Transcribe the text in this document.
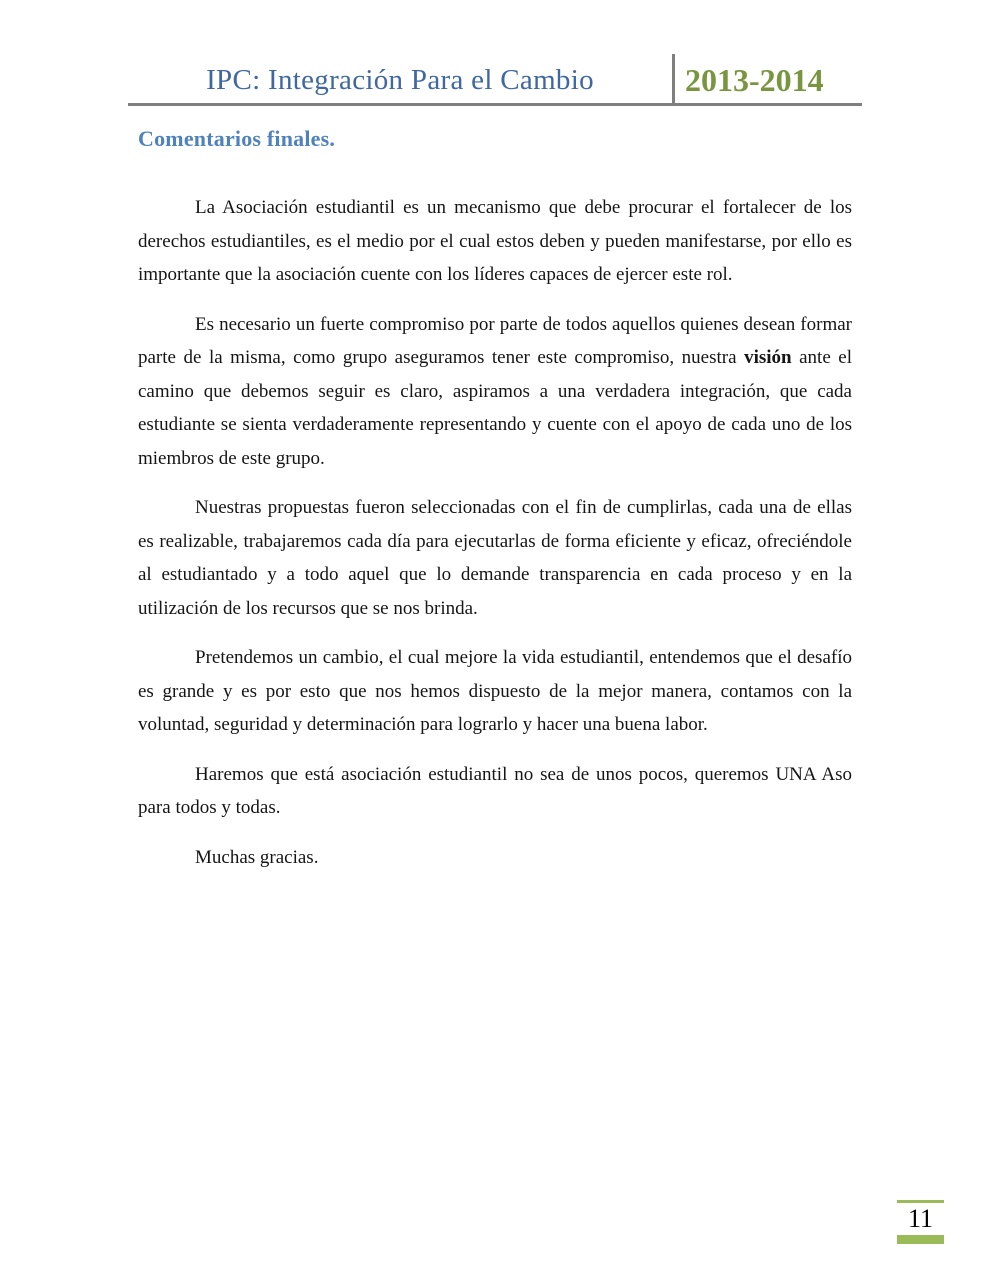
IPC: Integración Para el Cambio	2013-2014
Comentarios finales.

La Asociación estudiantil es un mecanismo que debe procurar el fortalecer de los derechos estudiantiles, es el medio por el cual estos deben y pueden manifestarse, por ello es importante que la asociación cuente con los líderes capaces de ejercer este rol.

Es necesario un fuerte compromiso por parte de todos aquellos quienes desean formar parte de la misma, como grupo aseguramos tener este compromiso, nuestra visión ante el camino que debemos seguir es claro, aspiramos a una verdadera integración, que cada estudiante se sienta verdaderamente representando y cuente con el apoyo de cada uno de los miembros de este grupo.

Nuestras propuestas fueron seleccionadas con el fin de cumplirlas, cada una de ellas es realizable, trabajaremos cada día para ejecutarlas de forma eficiente y eficaz, ofreciéndole al estudiantado y a todo aquel que lo demande transparencia en cada proceso y en la utilización de los recursos que se nos brinda.

Pretendemos un cambio, el cual mejore la vida estudiantil, entendemos que el desafío es grande y es por esto que nos hemos dispuesto de la mejor manera, contamos con la voluntad, seguridad y determinación para lograrlo y hacer una buena labor.

Haremos que está asociación estudiantil no sea de unos pocos, queremos UNA Aso para todos y todas.

Muchas gracias.

11
